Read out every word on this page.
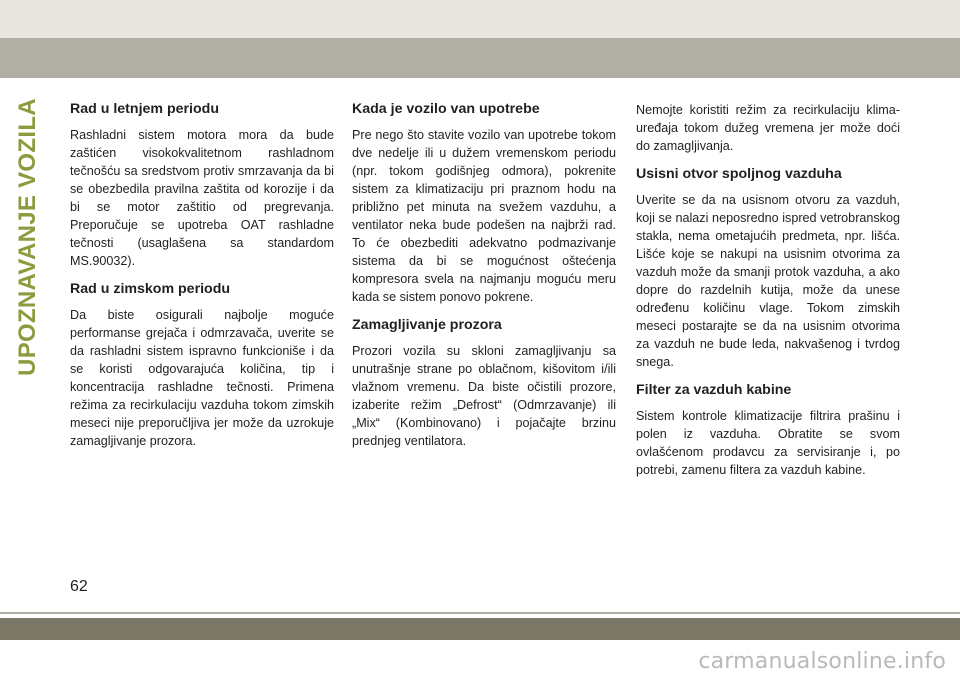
UPOZNAVANJE VOZILA Rad u letnjem periodu

Rashladni sistem motora mora da bude zaštićen visokokvalitetnom rashladnom tečnošću sa sredstvom protiv smrzavanja da bi se obezbedila pravilna zaštita od korozije i da bi se motor zaštitio od pregrevanja. Preporučuje se upotreba OAT rashladne tečnosti (usaglašena sa standardom MS.90032).

Rad u zimskom periodu

Da biste osigurali najbolje moguće performanse grejača i odmrzavača, uverite se da rashladni sistem ispravno funkcioniše i da se koristi odgovarajuća količina, tip i koncentracija rashladne tečnosti. Primena režima za recirkulaciju vazduha tokom zimskih meseci nije preporučljiva jer može da uzrokuje zamagljivanje prozora.

Kada je vozilo van upotrebe

Pre nego što stavite vozilo van upotrebe tokom dve nedelje ili u dužem vremenskom periodu (npr. tokom godišnjeg odmora), pokrenite sistem za klimatizaciju pri praznom hodu na približno pet minuta na svežem vazduhu, a ventilator neka bude podešen na najbrži rad. To će obezbediti adekvatno podmazivanje sistema da bi se mogućnost oštećenja kompresora svela na najmanju moguću meru kada se sistem ponovo pokrene.

Zamagljivanje prozora

Prozori vozila su skloni zamagljivanju sa unutrašnje strane po oblačnom, kišovitom i/ili vlažnom vremenu. Da biste očistili prozore, izaberite režim „Defrost“ (Odmrzavanje) ili „Mix“ (Kombinovano) i pojačajte brzinu prednjeg ventilatora.

Nemojte koristiti režim za recirkulaciju klima-uređaja tokom dužeg vremena jer može doći do zamagljivanja.

Usisni otvor spoljnog vazduha

Uverite se da na usisnom otvoru za vazduh, koji se nalazi neposredno ispred vetrobranskog stakla, nema ometajućih predmeta, npr. lišća. Lišće koje se nakupi na usisnim otvorima za vazduh može da smanji protok vazduha, a ako dopre do razdelnih kutija, može da unese određenu količinu vlage. Tokom zimskih meseci postarajte se da na usisnim otvorima za vazduh ne bude leda, nakvašenog i tvrdog snega.

Filter za vazduh kabine

Sistem kontrole klimatizacije filtrira prašinu i polen iz vazduha. Obratite se svom ovlašćenom prodavcu za servisiranje i, po potrebi, zamenu filtera za vazduh kabine.

62
carmanualsonline.info
